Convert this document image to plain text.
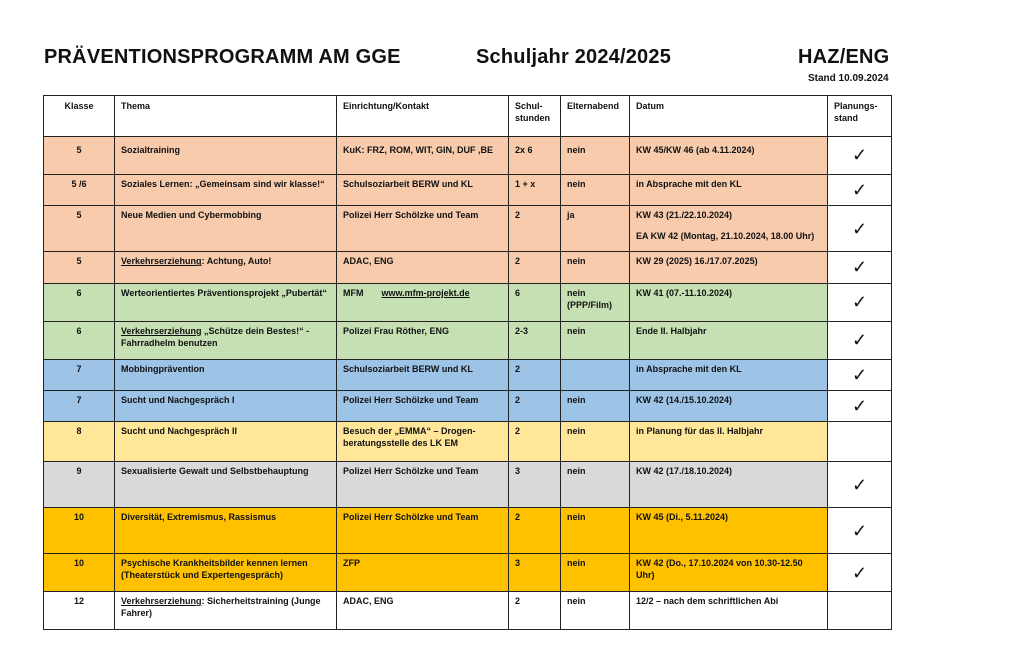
PRÄVENTIONSPROGRAMM AM GGE	Schuljahr 2024/2025	HAZ/ENG
Stand 10.09.2024
Klasse	Thema	Einrichtung/Kontakt	Schul-stunden	Elternabend	Datum	Planungs-stand
5	Sozialtraining	KuK: FRZ, ROM, WIT, GIN, DUF ,BE	2x 6	nein	KW 45/KW 46 (ab 4.11.2024)	✓
5 /6	Soziales Lernen: „Gemeinsam sind wir klasse!“	Schulsoziarbeit BERW und KL	1 + x	nein	in Absprache mit den KL	✓
5	Neue Medien und Cybermobbing	Polizei Herr Schölzke und Team	2	ja	KW 43 (21./22.10.2024)
EA KW 42 (Montag, 21.10.2024, 18.00 Uhr)	✓
5	Verkehrserziehung: Achtung, Auto!	ADAC, ENG	2	nein	KW 29 (2025) 16./17.07.2025)	✓
6	Werteorientiertes Präventionsprojekt „Pubertät“	MFM www.mfm-projekt.de	6	nein (PPP/Film)	KW 41 (07.-11.10.2024)	✓
6	Verkehrserziehung „Schütze dein Bestes!“ - Fahrradhelm benutzen	Polizei Frau Röther, ENG	2-3	nein	Ende II. Halbjahr	✓
7	Mobbingprävention	Schulsoziarbeit BERW und KL	2		in Absprache mit den KL	✓
7	Sucht und Nachgespräch I	Polizei Herr Schölzke und Team	2	nein	KW 42 (14./15.10.2024)	✓
8	Sucht und Nachgespräch II	Besuch der „EMMA“ – Drogen-beratungsstelle des LK EM	2	nein	in Planung für das II. Halbjahr	
9	Sexualisierte Gewalt und Selbstbehauptung	Polizei Herr Schölzke und Team	3	nein	KW 42 (17./18.10.2024)	✓
10	Diversität, Extremismus, Rassismus	Polizei Herr Schölzke und Team	2	nein	KW 45 (Di., 5.11.2024)	✓
10	Psychische Krankheitsbilder kennen lernen (Theaterstück und Expertengespräch)	ZFP	3	nein	KW 42 (Do., 17.10.2024 von 10.30-12.50 Uhr)	✓
12	Verkehrserziehung: Sicherheitstraining (Junge Fahrer)	ADAC, ENG	2	nein	12/2 – nach dem schriftlichen Abi	
